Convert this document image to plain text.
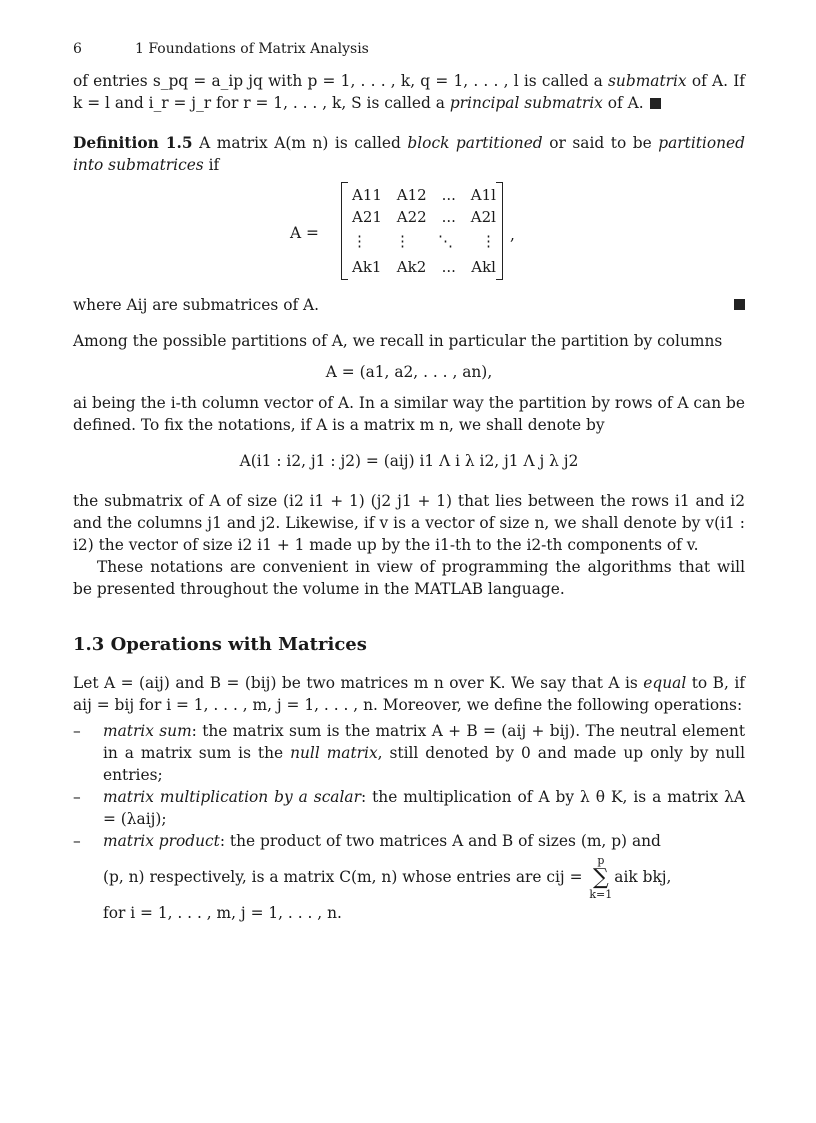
6	1 Foundations of Matrix Analysis

of entries s_pq = a_ip jq with p = 1, . . . , k, q = 1, . . . , l is called a submatrix of A. If k = l and i_r = j_r for r = 1, . . . , k, S is called a principal submatrix of A.

Definition 1.5 A matrix A(m n) is called block partitioned or said to be partitioned into submatrices if

A =
A11 A12 ... A1l
A21 A22 ... A2l
⋮ ⋮ ⋱ ⋮
Ak1 Ak2 ... Akl
,

where Aij are submatrices of A.

Among the possible partitions of A, we recall in particular the partition by columns

A = (a1, a2, . . . , an),

ai being the i-th column vector of A. In a similar way the partition by rows of A can be defined. To fix the notations, if A is a matrix m n, we shall denote by

A(i1 : i2, j1 : j2) = (aij) i1 Λ i λ i2, j1 Λ j λ j2

the submatrix of A of size (i2 i1 + 1) (j2 j1 + 1) that lies between the rows i1 and i2 and the columns j1 and j2. Likewise, if v is a vector of size n, we shall denote by v(i1 : i2) the vector of size i2 i1 + 1 made up by the i1-th to the i2-th components of v.

These notations are convenient in view of programming the algorithms that will be presented throughout the volume in the MATLAB language.

1.3 Operations with Matrices

Let A = (aij) and B = (bij) be two matrices m n over K. We say that A is equal to B, if aij = bij for i = 1, . . . , m, j = 1, . . . , n. Moreover, we define the following operations:

– matrix sum: the matrix sum is the matrix A + B = (aij + bij). The neutral element in a matrix sum is the null matrix, still denoted by 0 and made up only by null entries;
– matrix multiplication by a scalar: the multiplication of A by λ θ K, is a matrix λA = (λaij);
– matrix product: the product of two matrices A and B of sizes (m, p) and
(p, n) respectively, is a matrix C(m, n) whose entries are cij = p
∑
k=1aik bkj,

for i = 1, . . . , m, j = 1, . . . , n.
